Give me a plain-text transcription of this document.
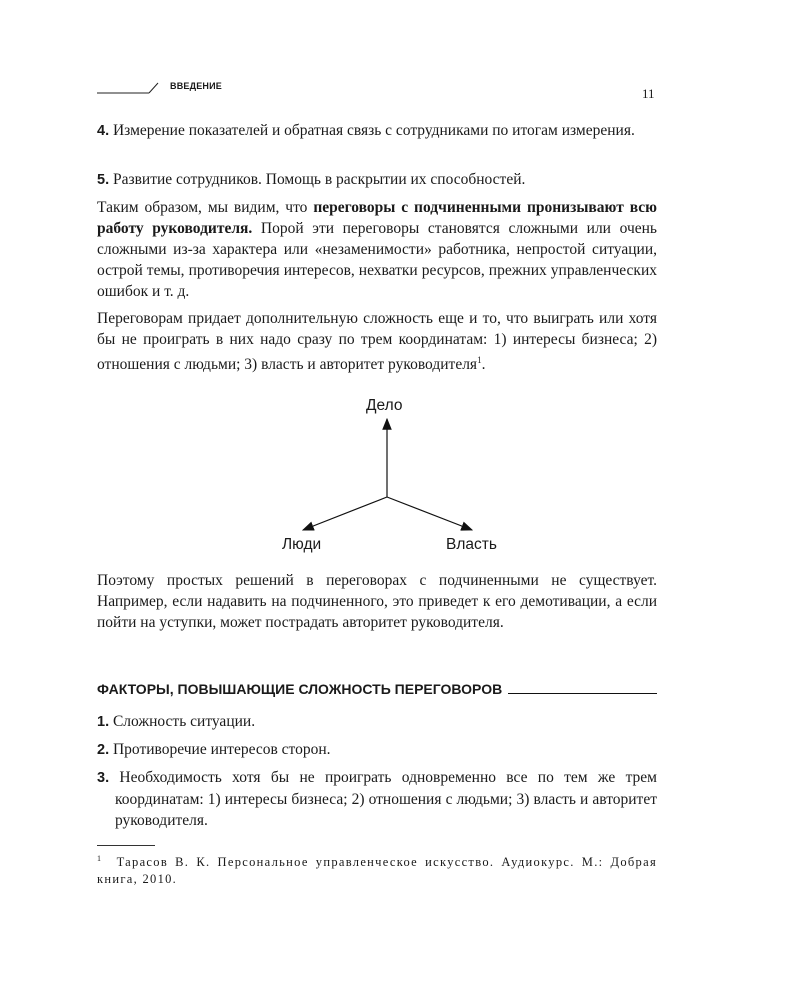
ВВЕДЕНИЕ	11
4. Измерение показателей и обратная связь с сотрудниками по итогам измерения.
5. Развитие сотрудников. Помощь в раскрытии их способностей.
Таким образом, мы видим, что переговоры с подчиненными пронизывают всю работу руководителя. Порой эти переговоры становятся сложными или очень сложными из-за характера или «незаменимости» работника, непростой ситуации, острой темы, противоречия интересов, нехватки ресурсов, прежних управленческих ошибок и т. д.
Переговорам придает дополнительную сложность еще и то, что выиграть или хотя бы не проиграть в них надо сразу по трем координатам: 1) интересы бизнеса; 2) отношения с людьми; 3) власть и авторитет руководителя$^1$.
Дело
Люди	Власть
Поэтому простых решений в переговорах с подчиненными не существует. Например, если надавить на подчиненного, это приведет к его демотивации, а если пойти на уступки, может пострадать авторитет руководителя.
ФАКТОРЫ, ПОВЫШАЮЩИЕ СЛОЖНОСТЬ ПЕРЕГОВОРОВ
1. Сложность ситуации.
2. Противоречие интересов сторон.
3. Необходимость хотя бы не проиграть одновременно все по тем же трем координатам: 1) интересы бизнеса; 2) отношения с людьми; 3) власть и авторитет руководителя.
$^1$ Тарасов В. К. Персональное управленческое искусство. Аудиокурс. М.: Добрая книга, 2010.
